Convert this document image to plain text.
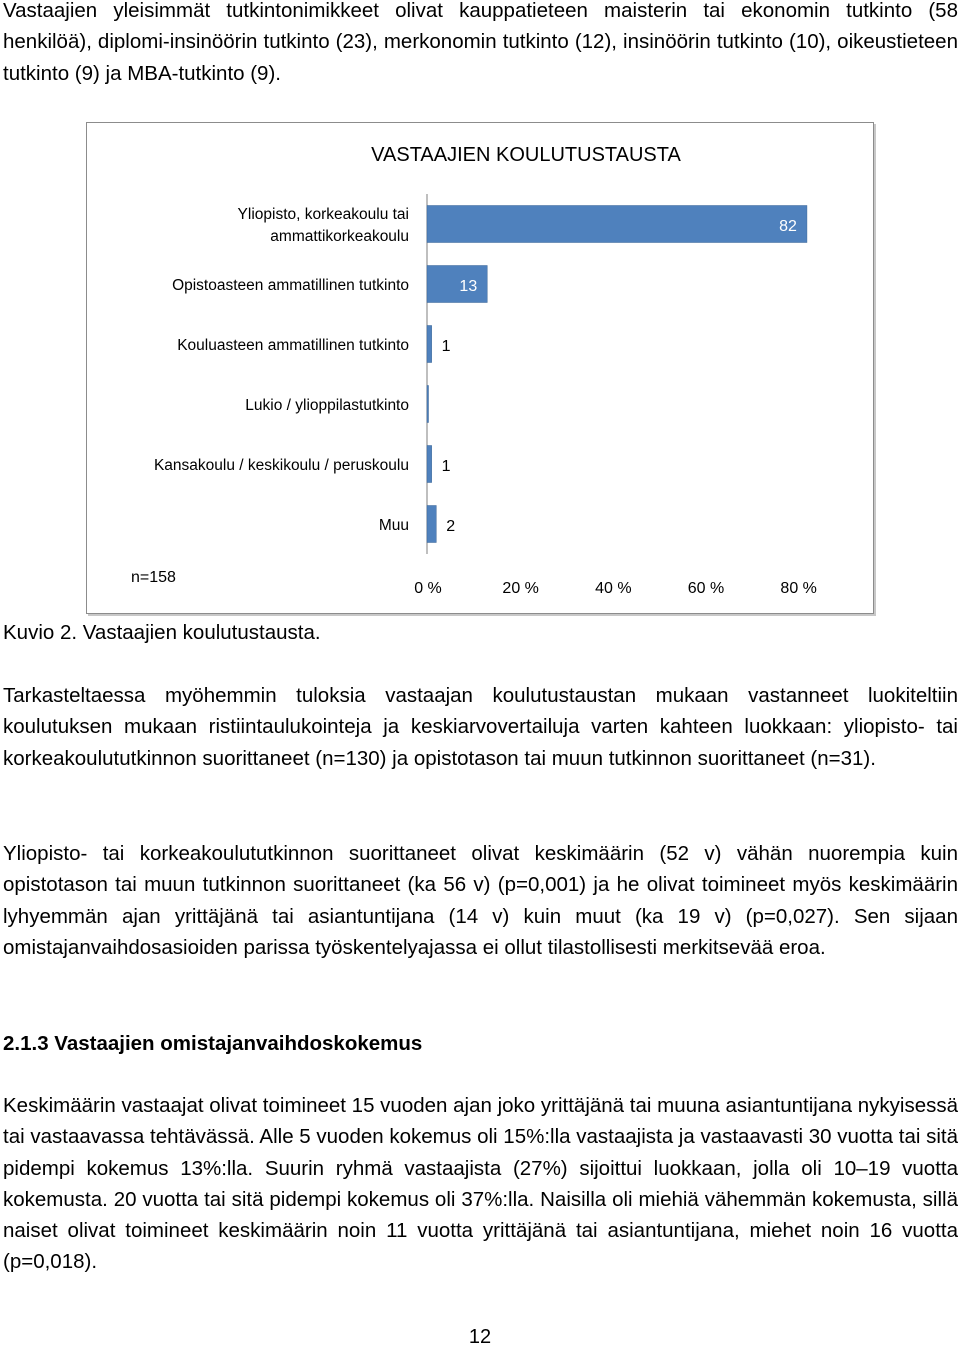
Vastaajien yleisimmät tutkintonimikkeet olivat kauppatieteen maisterin tai ekonomin tutkinto (58 henkilöä), diplomi-insinöörin tutkinto (23), merkonomin tutkinto (12), insinöörin tutkinto (10), oikeustieteen tutkinto (9) ja MBA-tutkinto (9).

VASTAAJIEN KOULUTUSTAUSTA
Yliopisto, korkeakoulu tai ammattikorkeakoulu
82
Opistoasteen ammatillinen tutkinto	13
Kouluasteen ammatillinen tutkinto 1
Lukio / ylioppilastutkinto
Kansakoulu / keskikoulu / peruskoulu 1
Muu 2
0 %	20 %	40 %	60 %	80 %
n=158

Kuvio 2. Vastaajien koulutustausta.

Tarkasteltaessa myöhemmin tuloksia vastaajan koulutustaustan mukaan vastanneet luokiteltiin koulutuksen mukaan ristiintaulukointeja ja keskiarvovertailuja varten kahteen luokkaan: yliopisto- tai korkeakoulututkinnon suorittaneet (n=130) ja opistotason tai muun tutkinnon suorittaneet (n=31).

Yliopisto- tai korkeakoulututkinnon suorittaneet olivat keskimäärin (52 v) vähän nuorempia kuin opistotason tai muun tutkinnon suorittaneet (ka 56 v) (p=0,001) ja he olivat toimineet myös keskimäärin lyhyemmän ajan yrittäjänä tai asiantuntijana (14 v) kuin muut (ka 19 v) (p=0,027). Sen sijaan omistajanvaihdosasioiden parissa työskentelyajassa ei ollut tilastollisesti merkitsevää eroa.

2.1.3 Vastaajien omistajanvaihdoskokemus

Keskimäärin vastaajat olivat toimineet 15 vuoden ajan joko yrittäjänä tai muuna asiantuntijana nykyisessä tai vastaavassa tehtävässä. Alle 5 vuoden kokemus oli 15%:lla vastaajista ja vastaavasti 30 vuotta tai sitä pidempi kokemus 13%:lla. Suurin ryhmä vastaajista (27%) sijoittui luokkaan, jolla oli 10–19 vuotta kokemusta. 20 vuotta tai sitä pidempi kokemus oli 37%:lla. Naisilla oli miehiä vähemmän kokemusta, sillä naiset olivat toimineet keskimäärin noin 11 vuotta yrittäjänä tai asiantuntijana, miehet noin 16 vuotta (p=0,018).

12
